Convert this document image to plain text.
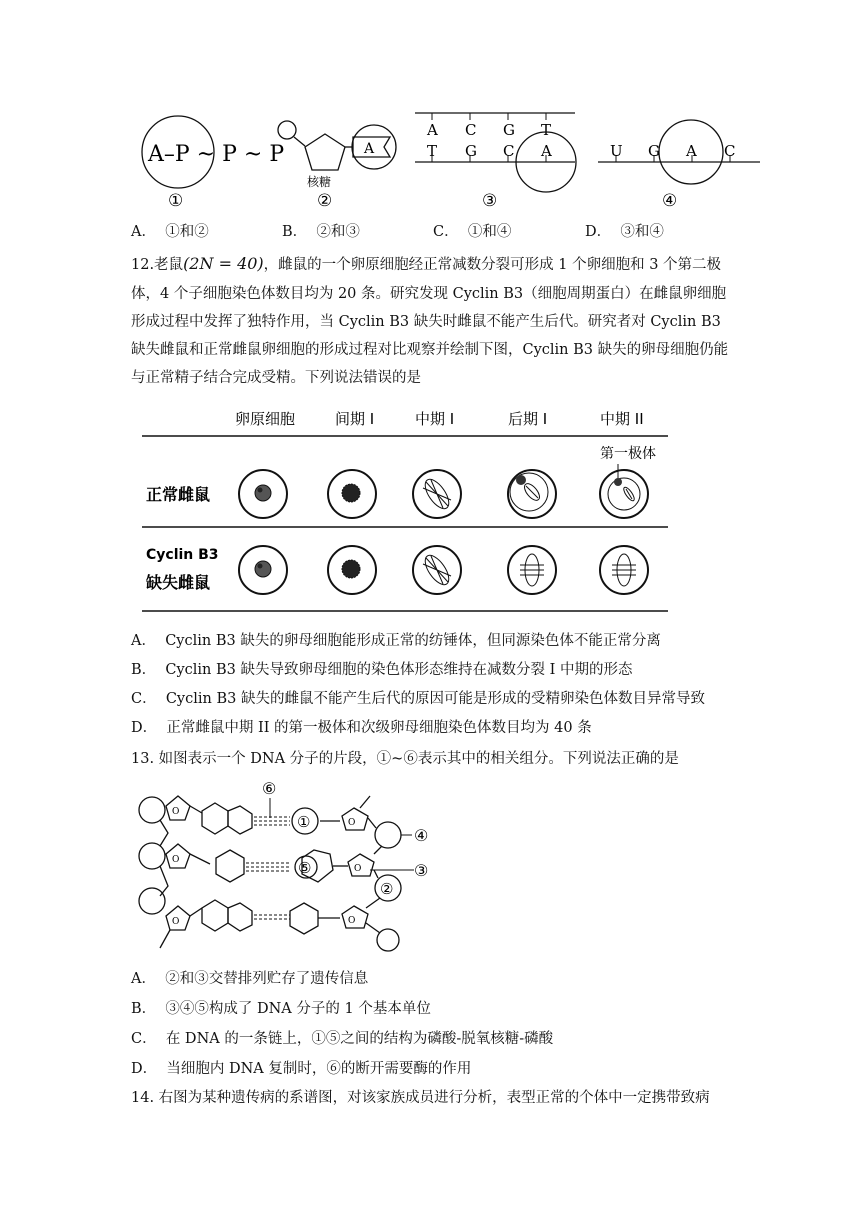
A–P ~ P ~ P
①
A
核糖
②
A C G T
T G C A
③
U G A C
④
A． ①和②	B． ②和③	C． ①和④	D． ③和④
12.老鼠(2N = 40)，雌鼠的一个卵原细胞经正常减数分裂可形成 1 个卵细胞和 3 个第二极
体，4 个子细胞染色体数目均为 20 条。研究发现 Cyclin B3（细胞周期蛋白）在雌鼠卵细胞形成过程中发挥了独特作用，当 Cyclin B3 缺失时雌鼠不能产生后代。研究者对 Cyclin B3 缺失雌鼠和正常雌鼠卵细胞的形成过程对比观察并绘制下图，Cyclin B3 缺失的卵母细胞仍能与正常精子结合完成受精。下列说法错误的是
卵原细胞	间期 I	中期 I	后期 I	中期 II
第一极体
正常雌鼠
Cyclin B3
缺失雌鼠
A． Cyclin B3 缺失的卵母细胞能形成正常的纺锤体，但同源染色体不能正常分离
B． Cyclin B3 缺失导致卵母细胞的染色体形态维持在减数分裂 I 中期的形态
C． Cyclin B3 缺失的雌鼠不能产生后代的原因可能是形成的受精卵染色体数目异常导致
D． 正常雌鼠中期 II 的第一极体和次级卵母细胞染色体数目均为 40 条
13. 如图表示一个 DNA 分子的片段，①~⑥表示其中的相关组分。下列说法正确的是
O
O
O
⑥
①
⑤
O
O
O
②
④
③
A． ②和③交替排列贮存了遗传信息
B． ③④⑤构成了 DNA 分子的 1 个基本单位
C． 在 DNA 的一条链上，①⑤之间的结构为磷酸-脱氧核糖-磷酸
D． 当细胞内 DNA 复制时，⑥的断开需要酶的作用
14. 右图为某种遗传病的系谱图，对该家族成员进行分析，表型正常的个体中一定携带致病
